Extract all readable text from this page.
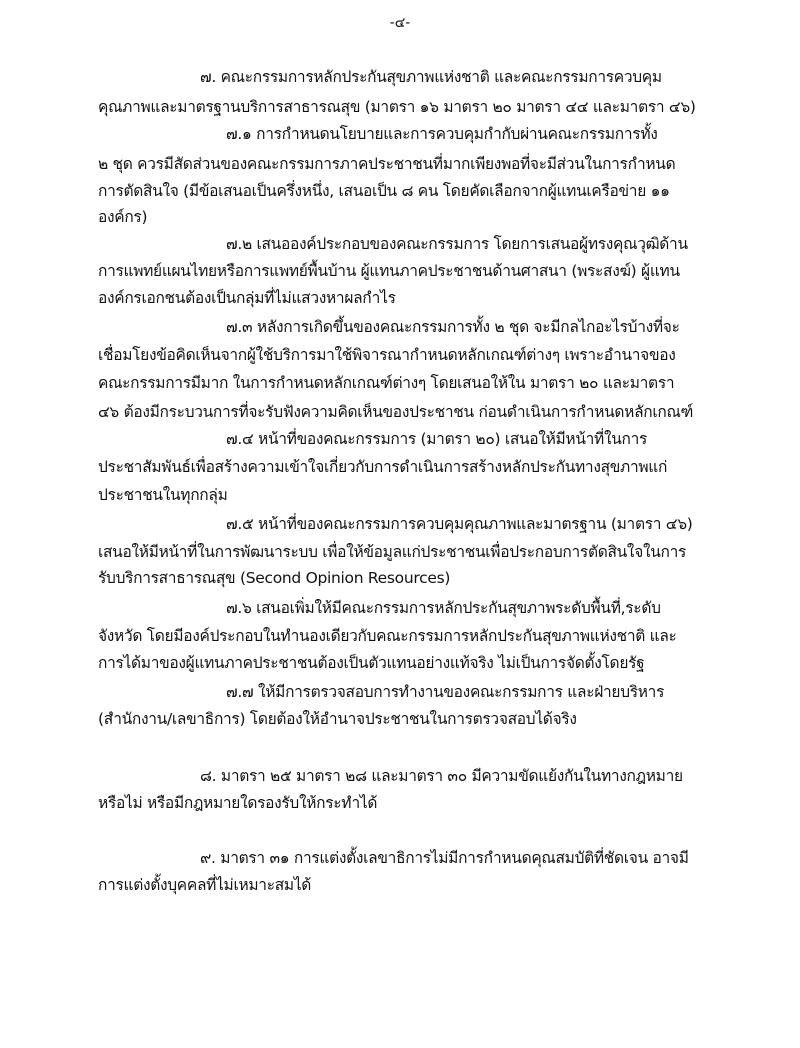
-๔-
๗. คณะกรรมการหลักประกันสุขภาพแห่งชาติ และคณะกรรมการควบคุม
คุณภาพและมาตรฐานบริการสาธารณสุข (มาตรา ๑๖ มาตรา ๒๐ มาตรา ๔๔ และมาตรา ๔๖)
๗.๑ การกำหนดนโยบายและการควบคุมกำกับผ่านคณะกรรมการทั้ง
๒ ชุด ควรมีสัดส่วนของคณะกรรมการภาคประชาชนที่มากเพียงพอที่จะมีส่วนในการกำหนด
การตัดสินใจ (มีข้อเสนอเป็นครึ่งหนึ่ง, เสนอเป็น ๘ คน โดยคัดเลือกจากผู้แทนเครือข่าย ๑๑
องค์กร)
๗.๒ เสนอองค์ประกอบของคณะกรรมการ โดยการเสนอผู้ทรงคุณวุฒิด้าน
การแพทย์แผนไทยหรือการแพทย์พื้นบ้าน ผู้แทนภาคประชาชนด้านศาสนา (พระสงฆ์) ผู้แทน
องค์กรเอกชนต้องเป็นกลุ่มที่ไม่แสวงหาผลกำไร
๗.๓ หลังการเกิดขึ้นของคณะกรรมการทั้ง ๒ ชุด จะมีกลไกอะไรบ้างที่จะ
เชื่อมโยงข้อคิดเห็นจากผู้ใช้บริการมาใช้พิจารณากำหนดหลักเกณฑ์ต่างๆ เพราะอำนาจของ
คณะกรรมการมีมาก ในการกำหนดหลักเกณฑ์ต่างๆ โดยเสนอให้ใน มาตรา ๒๐ และมาตรา
๔๖ ต้องมีกระบวนการที่จะรับฟังความคิดเห็นของประชาชน ก่อนดำเนินการกำหนดหลักเกณฑ์
๗.๔ หน้าที่ของคณะกรรมการ (มาตรา ๒๐) เสนอให้มีหน้าที่ในการ
ประชาสัมพันธ์เพื่อสร้างความเข้าใจเกี่ยวกับการดำเนินการสร้างหลักประกันทางสุขภาพแก่
ประชาชนในทุกกลุ่ม
๗.๕ หน้าที่ของคณะกรรมการควบคุมคุณภาพและมาตรฐาน (มาตรา ๔๖)
เสนอให้มีหน้าที่ในการพัฒนาระบบ เพื่อให้ข้อมูลแก่ประชาชนเพื่อประกอบการตัดสินใจในการ
รับบริการสาธารณสุข (Second Opinion Resources)
๗.๖ เสนอเพิ่มให้มีคณะกรรมการหลักประกันสุขภาพระดับพื้นที่,ระดับ
จังหวัด โดยมีองค์ประกอบในทำนองเดียวกับคณะกรรมการหลักประกันสุขภาพแห่งชาติ และ
การได้มาของผู้แทนภาคประชาชนต้องเป็นตัวแทนอย่างแท้จริง ไม่เป็นการจัดตั้งโดยรัฐ
๗.๗ ให้มีการตรวจสอบการทำงานของคณะกรรมการ และฝ่ายบริหาร
(สำนักงาน/เลขาธิการ) โดยต้องให้อำนาจประชาชนในการตรวจสอบได้จริง
๘. มาตรา ๒๕ มาตรา ๒๘ และมาตรา ๓๐ มีความขัดแย้งกันในทางกฎหมาย
หรือไม่ หรือมีกฎหมายใดรองรับให้กระทำได้
๙. มาตรา ๓๑ การแต่งตั้งเลขาธิการไม่มีการกำหนดคุณสมบัติที่ชัดเจน อาจมี
การแต่งตั้งบุคคลที่ไม่เหมาะสมได้
